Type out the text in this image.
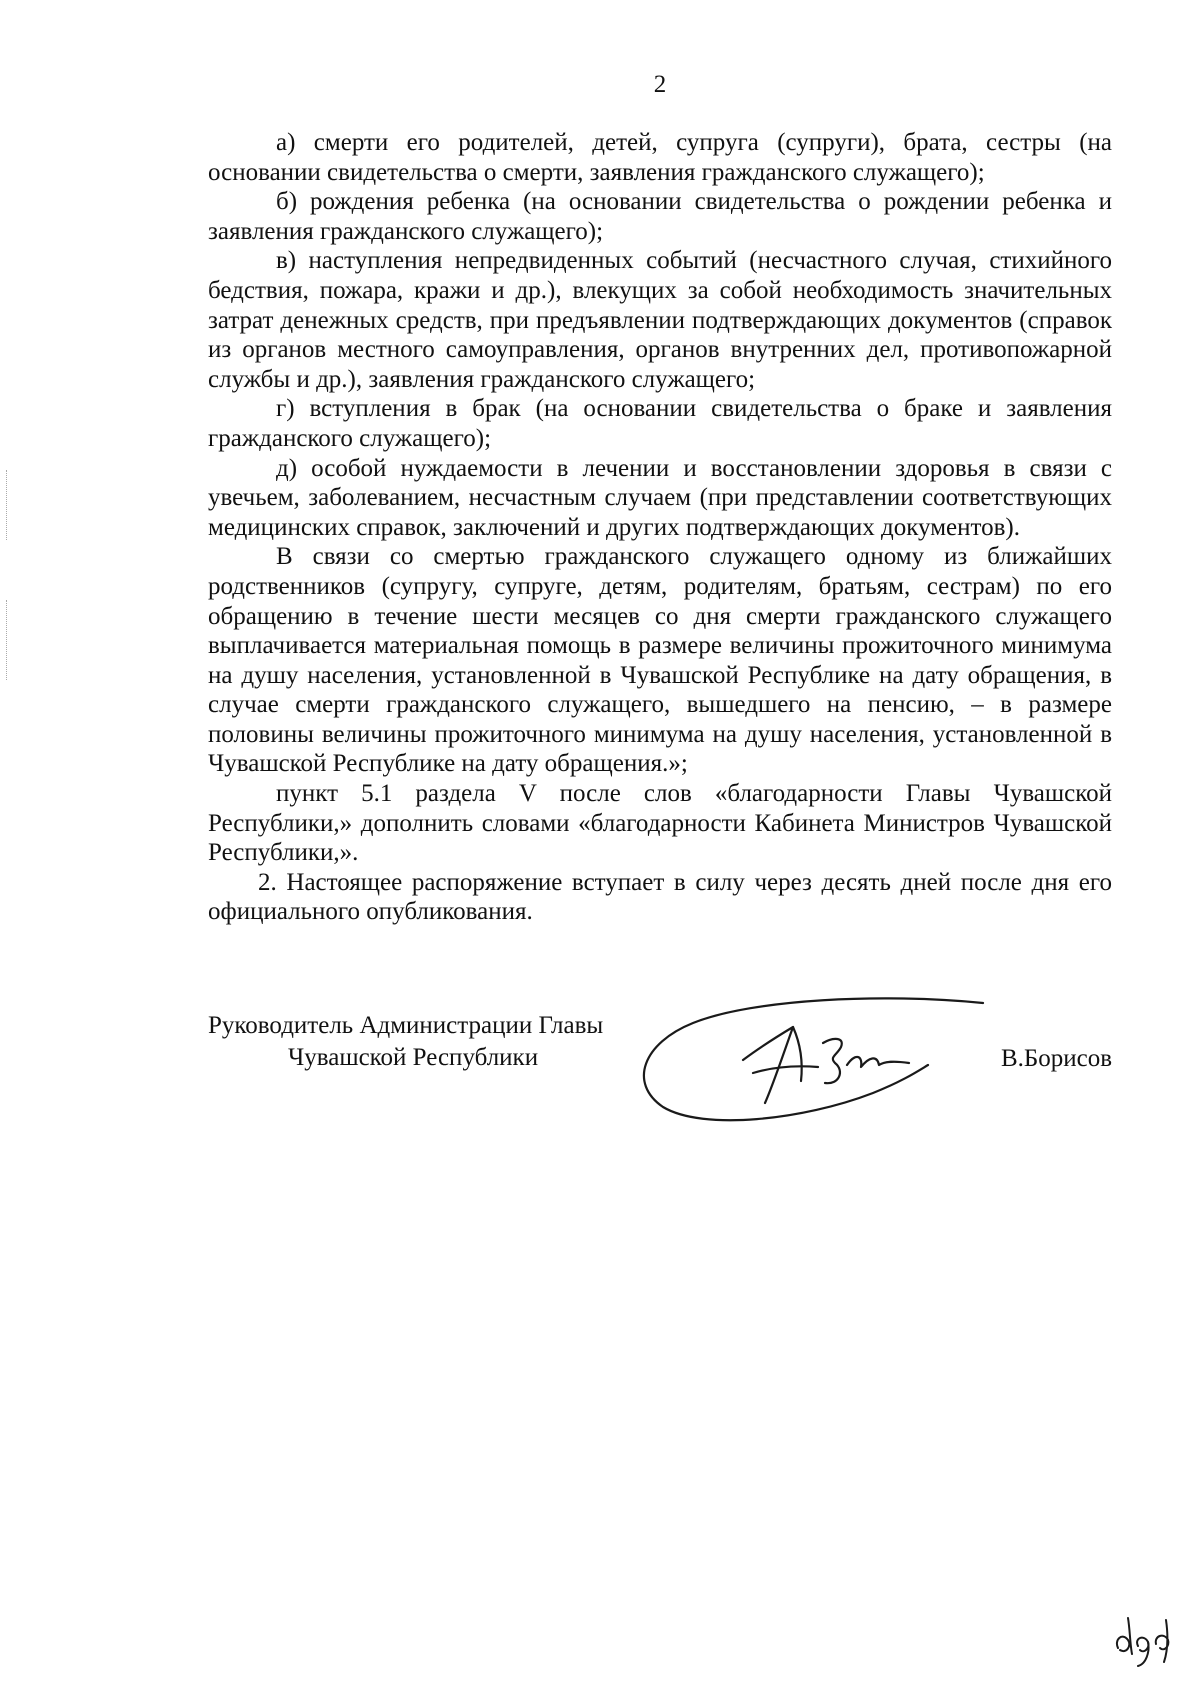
2

а) смерти его родителей, детей, супруга (супруги), брата, сестры (на основании свидетельства о смерти, заявления гражданского служащего);

б) рождения ребенка (на основании свидетельства о рождении ребенка и заявления гражданского служащего);

в) наступления непредвиденных событий (несчастного случая, стихийного бедствия, пожара, кражи и др.), влекущих за собой необходимость значительных затрат денежных средств, при предъявлении подтверждающих документов (справок из органов местного самоуправления, органов внутренних дел, противопожарной службы и др.), заявления гражданского служащего;

г) вступления в брак (на основании свидетельства о браке и заявления гражданского служащего);

д) особой нуждаемости в лечении и восстановлении здоровья в связи с увечьем, заболеванием, несчастным случаем (при представлении соответствующих медицинских справок, заключений и других подтверждающих документов).

В связи со смертью гражданского служащего одному из ближайших родственников (супругу, супруге, детям, родителям, братьям, сестрам) по его обращению в течение шести месяцев со дня смерти гражданского служащего выплачивается материальная помощь в размере величины прожиточного минимума на душу населения, установленной в Чувашской Республике на дату обращения, в случае смерти гражданского служащего, вышедшего на пенсию, – в размере половины величины прожиточного минимума на душу населения, установленной в Чувашской Республике на дату обращения.»;

пункт 5.1 раздела V после слов «благодарности Главы Чувашской Республики,» дополнить словами «благодарности Кабинета Министров Чувашской Республики,».

2. Настоящее распоряжение вступает в силу через десять дней после дня его официального опубликования.

Руководитель Администрации Главы
Чувашской Республики	В.Борисов
